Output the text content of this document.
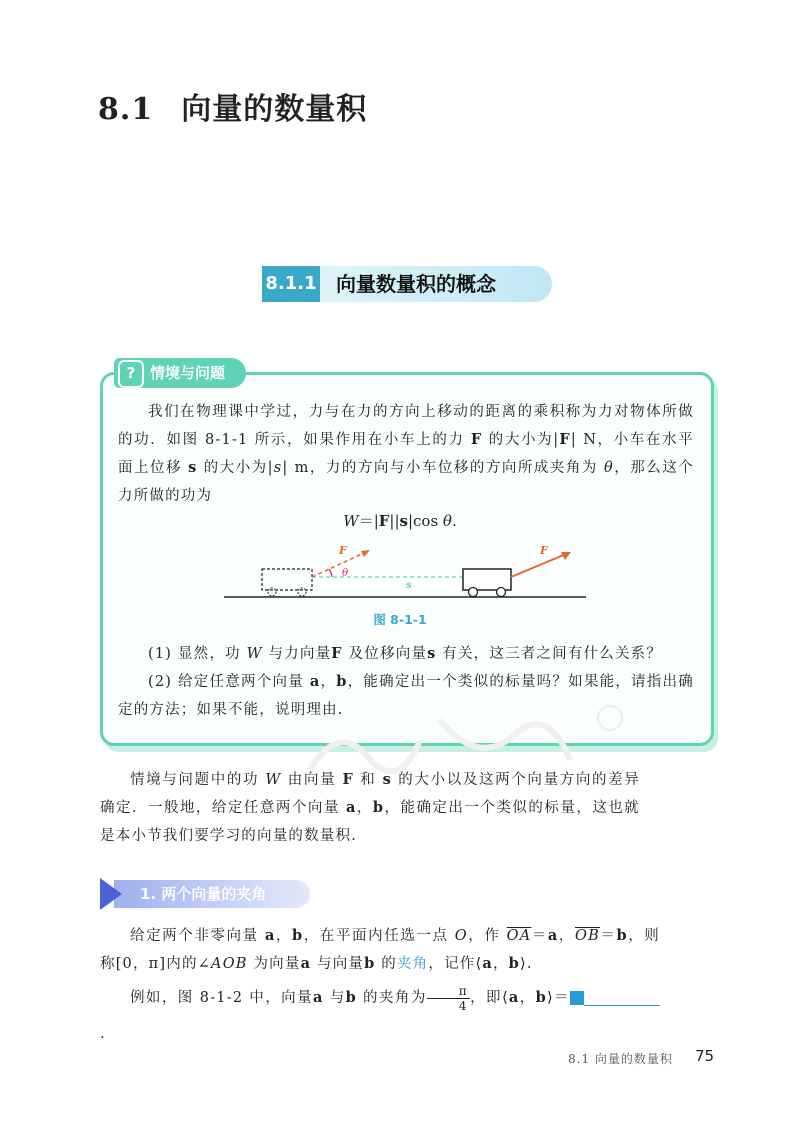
8.1 向量的数量积
8.1.1 向量数量积的概念
? 情境与问题
我们在物理课中学过，力与在力的方向上移动的距离的乘积称为力对物体所做的功．如图 8-1-1 所示，如果作用在小车上的力 F 的大小为|F| N，小车在水平面上位移 s 的大小为|s| m，力的方向与小车位移的方向所成夹角为 θ，那么这个力所做的功为
W＝|F||s|cos θ.
F	F
θ
s
图 8-1-1
(1) 显然，功 W 与力向量F 及位移向量s 有关，这三者之间有什么关系？
(2) 给定任意两个向量 a，b，能确定出一个类似的标量吗？如果能，请指出确定的方法；如果不能，说明理由.
情境与问题中的功 W 由向量 F 和 s 的大小以及这两个向量方向的差异确定．一般地，给定任意两个向量 a，b，能确定出一个类似的标量，这也就是本小节我们要学习的向量的数量积.
1. 两个向量的夹角
给定两个非零向量 a，b，在平面内任选一点 O，作 $\overline{OA}=a$，$\overline{OB}=b$，则称[0，π]内的∠AOB 为向量a 与向量b 的夹角，记作⟨a，b⟩.
例如，图 8-1-2 中，向量a 与b 的夹角为 $\frac{\pi}{4}$ ，即⟨a，b⟩＝	1.
8.1 向量的数量积 75
